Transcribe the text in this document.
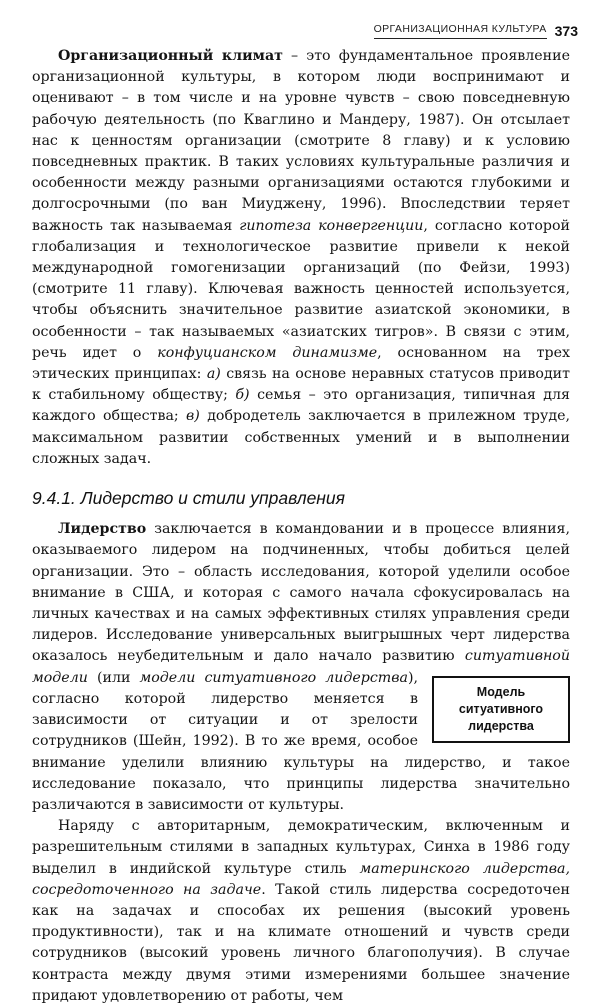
ОРГАНИЗАЦИОННАЯ КУЛЬТУРА 373

Организационный климат – это фундаментальное проявление организационной культуры, в котором люди воспринимают и оценивают – в том числе и на уровне чувств – свою повседневную рабочую деятельность (по Квaглино и Мандеру, 1987). Он отсылает нас к ценностям организации (смотрите 8 главу) и к условию повседневных практик. В таких условиях культуральные различия и особенности между разными организациями остаются глубокими и долгосрочными (по ван Миуджену, 1996). Впоследствии теряет важность так называемая гипотеза конвергенции, согласно которой глобализация и технологическое развитие привели к некой международной гомогенизации организаций (по Фейзи, 1993) (смотрите 11 главу). Ключевая важность ценностей используется, чтобы объяснить значительное развитие азиатской экономики, в особенности – так называемых «азиатских тигров». В связи с этим, речь идет о конфуцианском динамизме, основанном на трех этических принципах: а) связь на основе неравных статусов приводит к стабильному обществу; б) семья – это организация, типичная для каждого общества; в) добродетель заключается в прилежном труде, максимальном развитии собственных умений и в выполнении сложных задач.

9.4.1. Лидерство и стили управления

Лидерство заключается в командовании и в процессе влияния, оказываемого лидером на подчиненных, чтобы добиться целей организации. Это – область исследования, которой уделили особое внимание в США, и которая с самого начала сфокусировалась на личных качествах и на самых эффективных стилях управления среди лидеров. Исследование универсальных выигрышных черт лидерства оказалось неубедительным и дало начало развитию
Модель
ситуативного
лидерства
ситуативной модели (или модели ситуативного лидерства), согласно которой лидерство меняется в зависимости от ситуации и от зрелости сотрудников (Шейн, 1992). В то же время, особое внимание уделили влиянию культуры на лидерство, и такое исследование показало, что принципы лидерства значительно различаются в зависимости от культуры.

Наряду с авторитарным, демократическим, включенным и разрешительным стилями в западных культурах, Синха в 1986 году выделил в индийской культуре стиль материнского лидерства, сосредоточенного на задаче. Такой стиль лидерства сосредоточен как на задачах и способах их решения (высокий уровень продуктивности), так и на климате отношений и чувств среди сотрудников (высокий уровень личного благополучия). В случае контраста между двумя этими измерениями большее значение придают удовлетворению от работы, чем
